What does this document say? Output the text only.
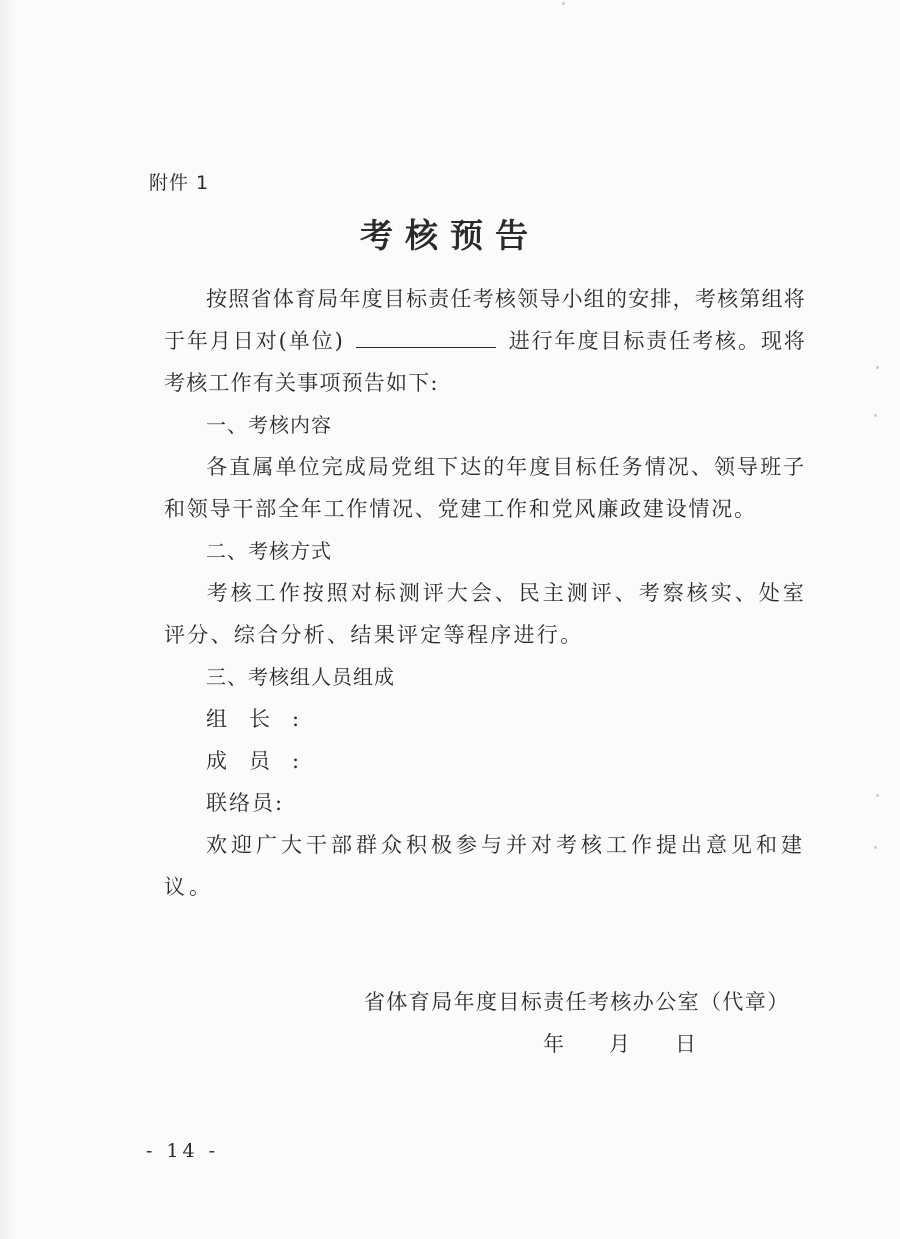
附件 1
考核预告
按照省体育局年度目标责任考核领导小组的安排，考核第组将于年月日对(单位)	进行年度目标责任考核。现将考核工作有关事项预告如下:
一、考核内容
各直属单位完成局党组下达的年度目标任务情况、领导班子和领导干部全年工作情况、党建工作和党风廉政建设情况。
二、考核方式
考核工作按照对标测评大会、民主测评、考察核实、处室评分、综合分析、结果评定等程序进行。
三、考核组人员组成
组长:
成员:
联络员:
欢迎广大干部群众积极参与并对考核工作提出意见和建议。
省体育局年度目标责任考核办公室（代章）
年 月 日
- 14 -
